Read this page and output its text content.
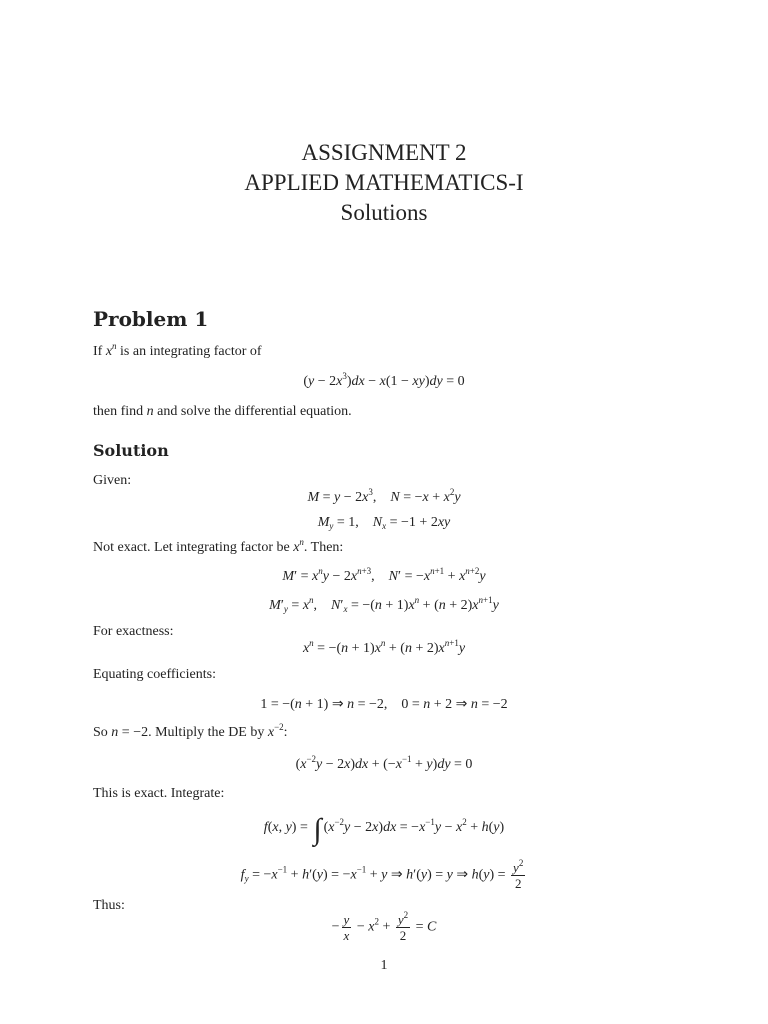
ASSIGNMENT 2
APPLIED MATHEMATICS-I
Solutions
Problem 1
If $x^n$ is an integrating factor of
$(y - 2x^3)dx - x(1 - xy)dy = 0$
then find n and solve the differential equation.
Solution
Given:
$M = y - 2x^3$,    $N = -x + x^2y$
$M_y = 1$,    $N_x = -1 + 2xy$
Not exact. Let integrating factor be $x^n$. Then:
$M' = x^ny - 2x^{n+3}$,    $N' = -x^{n+1} + x^{n+2}y$
$M'_y = x^n$,    $N'_x = -(n + 1)x^n + (n + 2)x^{n+1}y$
For exactness:
$x^n = -(n + 1)x^n + (n + 2)x^{n+1}y$
Equating coefficients:
1 = −(n + 1) ⇒ n = −2,    0 = n + 2 ⇒ n = −2
So n = −2. Multiply the DE by $x^{-2}$:
$(x^{-2}y - 2x)dx + (-x^{-1} + y)dy = 0$
This is exact. Integrate:
f(x, y) = ∫ $(x^{-2}y - 2x)dx = -x^{-1}y - x^2 + h(y)$
$f_y = -x^{-1} + h'(y) = -x^{-1} + y$ ⇒ h′(y) = y ⇒ $h(y) = \frac{y^2}{2}$
Thus:
− $\frac{y}{x} - x^2 + \frac{y^2}{2} = C$
1
